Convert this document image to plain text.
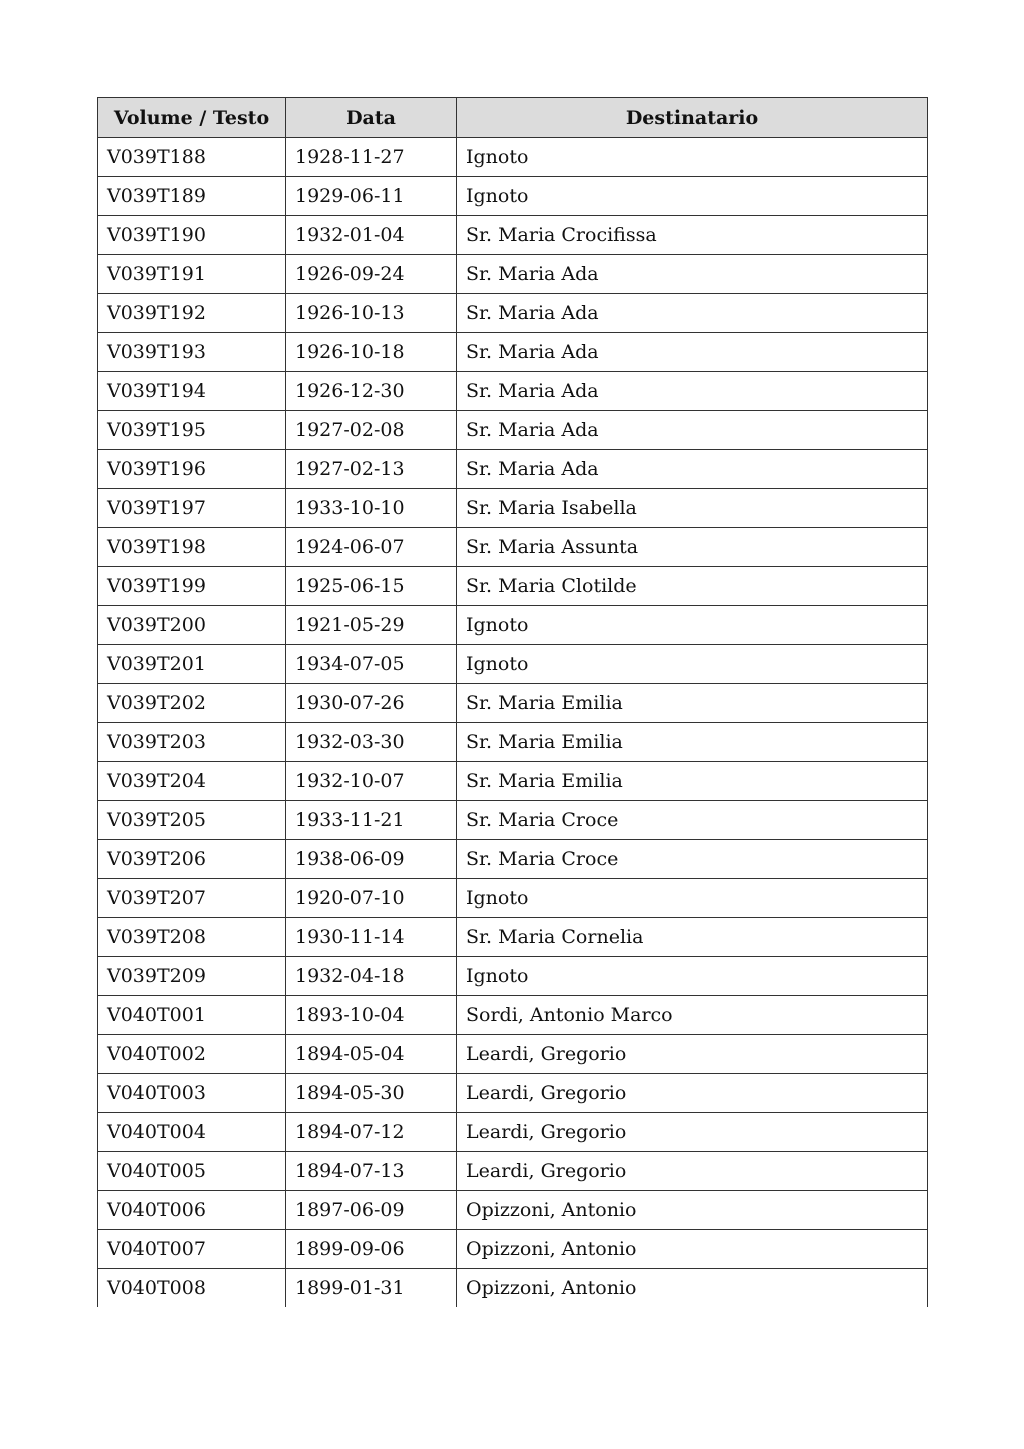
Volume / Testo	Data	Destinatario
V039T188	1928-11-27	Ignoto
V039T189	1929-06-11	Ignoto
V039T190	1932-01-04	Sr. Maria Crocifissa
V039T191	1926-09-24	Sr. Maria Ada
V039T192	1926-10-13	Sr. Maria Ada
V039T193	1926-10-18	Sr. Maria Ada
V039T194	1926-12-30	Sr. Maria Ada
V039T195	1927-02-08	Sr. Maria Ada
V039T196	1927-02-13	Sr. Maria Ada
V039T197	1933-10-10	Sr. Maria Isabella
V039T198	1924-06-07	Sr. Maria Assunta
V039T199	1925-06-15	Sr. Maria Clotilde
V039T200	1921-05-29	Ignoto
V039T201	1934-07-05	Ignoto
V039T202	1930-07-26	Sr. Maria Emilia
V039T203	1932-03-30	Sr. Maria Emilia
V039T204	1932-10-07	Sr. Maria Emilia
V039T205	1933-11-21	Sr. Maria Croce
V039T206	1938-06-09	Sr. Maria Croce
V039T207	1920-07-10	Ignoto
V039T208	1930-11-14	Sr. Maria Cornelia
V039T209	1932-04-18	Ignoto
V040T001	1893-10-04	Sordi, Antonio Marco
V040T002	1894-05-04	Leardi, Gregorio
V040T003	1894-05-30	Leardi, Gregorio
V040T004	1894-07-12	Leardi, Gregorio
V040T005	1894-07-13	Leardi, Gregorio
V040T006	1897-06-09	Opizzoni, Antonio
V040T007	1899-09-06	Opizzoni, Antonio
V040T008	1899-01-31	Opizzoni, Antonio
